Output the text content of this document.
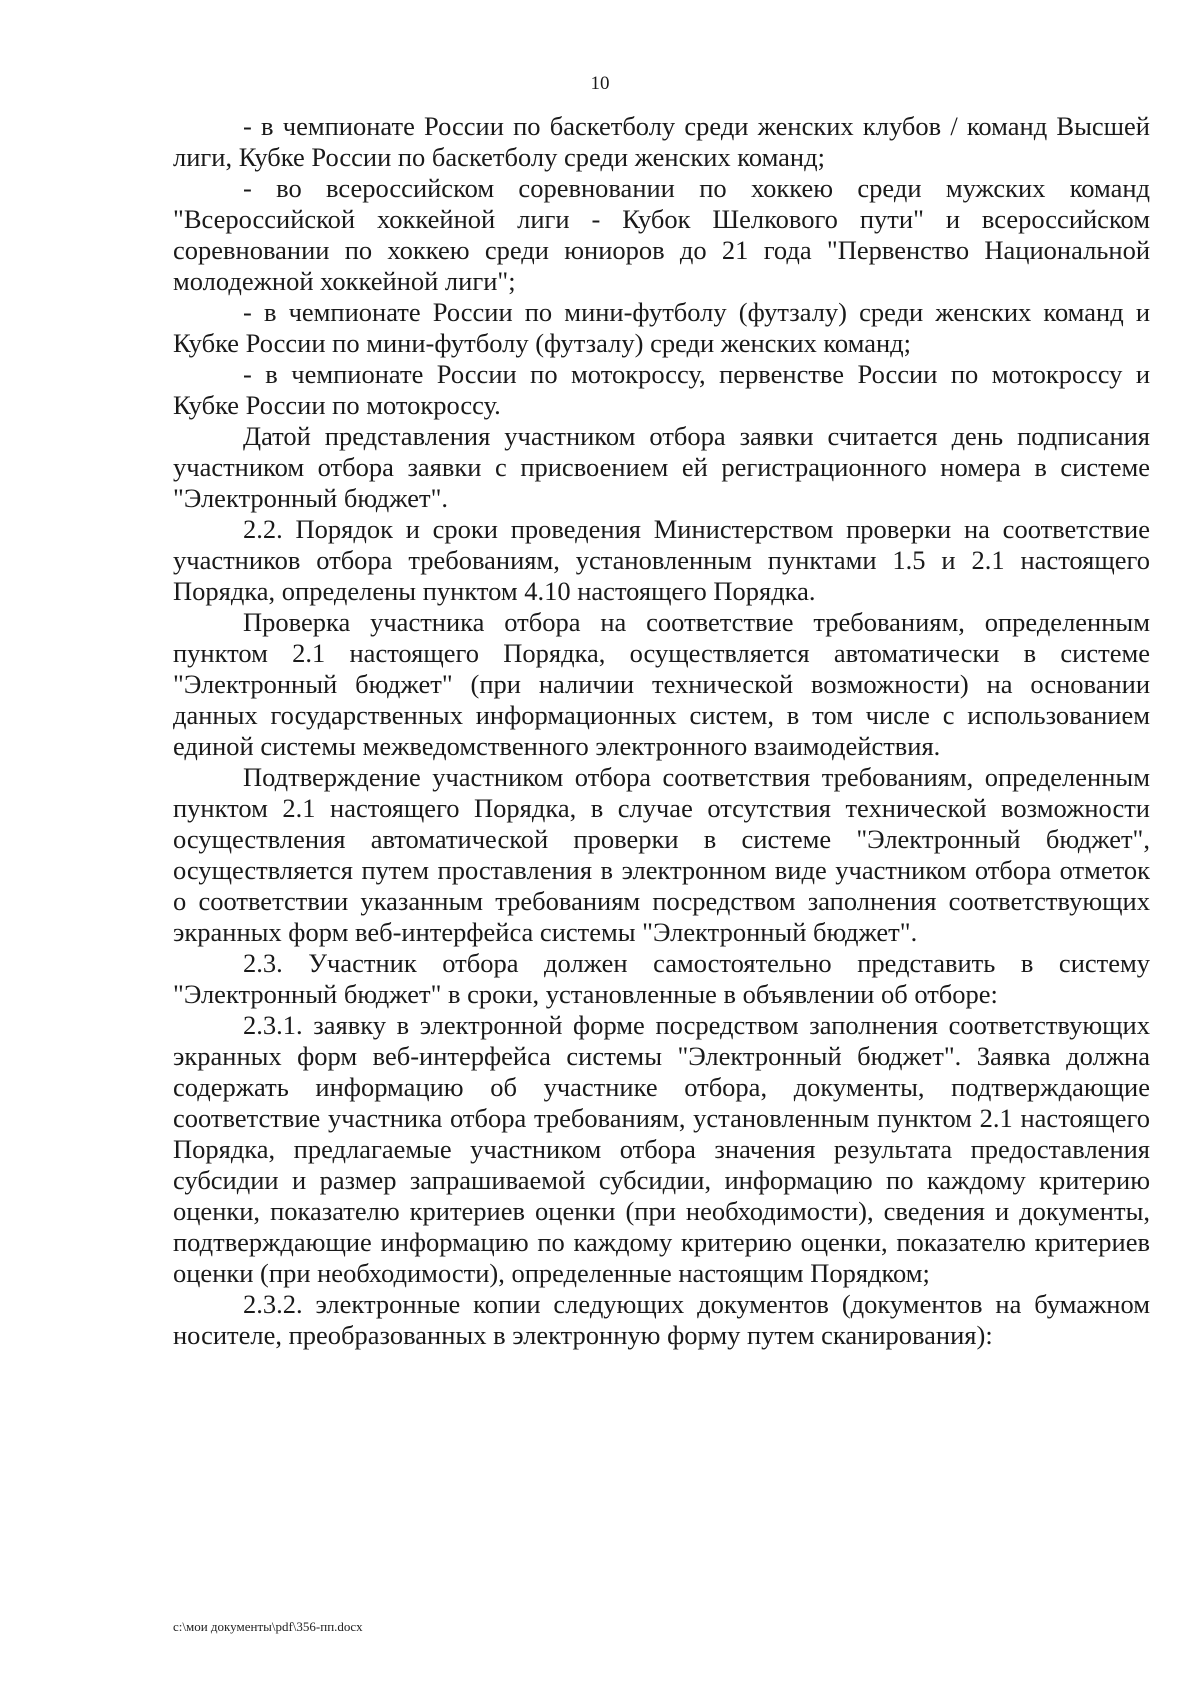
10

- в чемпионате России по баскетболу среди женских клубов / команд Высшей лиги, Кубке России по баскетболу среди женских команд;

- во всероссийском соревновании по хоккею среди мужских команд "Всероссийской хоккейной лиги - Кубок Шелкового пути" и всероссийском соревновании по хоккею среди юниоров до 21 года "Первенство Национальной молодежной хоккейной лиги";

- в чемпионате России по мини-футболу (футзалу) среди женских команд и Кубке России по мини-футболу (футзалу) среди женских команд;

- в чемпионате России по мотокроссу, первенстве России по мотокроссу и Кубке России по мотокроссу.

Датой представления участником отбора заявки считается день подписания участником отбора заявки с присвоением ей регистрационного номера в системе "Электронный бюджет".

2.2. Порядок и сроки проведения Министерством проверки на соответствие участников отбора требованиям, установленным пунктами 1.5 и 2.1 настоящего Порядка, определены пунктом 4.10 настоящего Порядка.

Проверка участника отбора на соответствие требованиям, определенным пунктом 2.1 настоящего Порядка, осуществляется автоматически в системе "Электронный бюджет" (при наличии технической возможности) на основании данных государственных информационных систем, в том числе с использованием единой системы межведомственного электронного взаимодействия.

Подтверждение участником отбора соответствия требованиям, определенным пунктом 2.1 настоящего Порядка, в случае отсутствия технической возможности осуществления автоматической проверки в системе "Электронный бюджет", осуществляется путем проставления в электронном виде участником отбора отметок о соответствии указанным требованиям посредством заполнения соответствующих экранных форм веб-интерфейса системы "Электронный бюджет".

2.3. Участник отбора должен самостоятельно представить в систему "Электронный бюджет" в сроки, установленные в объявлении об отборе:

2.3.1. заявку в электронной форме посредством заполнения соответствующих экранных форм веб-интерфейса системы "Электронный бюджет". Заявка должна содержать информацию об участнике отбора, документы, подтверждающие соответствие участника отбора требованиям, установленным пунктом 2.1 настоящего Порядка, предлагаемые участником отбора значения результата предоставления субсидии и размер запрашиваемой субсидии, информацию по каждому критерию оценки, показателю критериев оценки (при необходимости), сведения и документы, подтверждающие информацию по каждому критерию оценки, показателю критериев оценки (при необходимости), определенные настоящим Порядком;

2.3.2. электронные копии следующих документов (документов на бумажном носителе, преобразованных в электронную форму путем сканирования):

c:\мои документы\pdf\356-пп.docx
